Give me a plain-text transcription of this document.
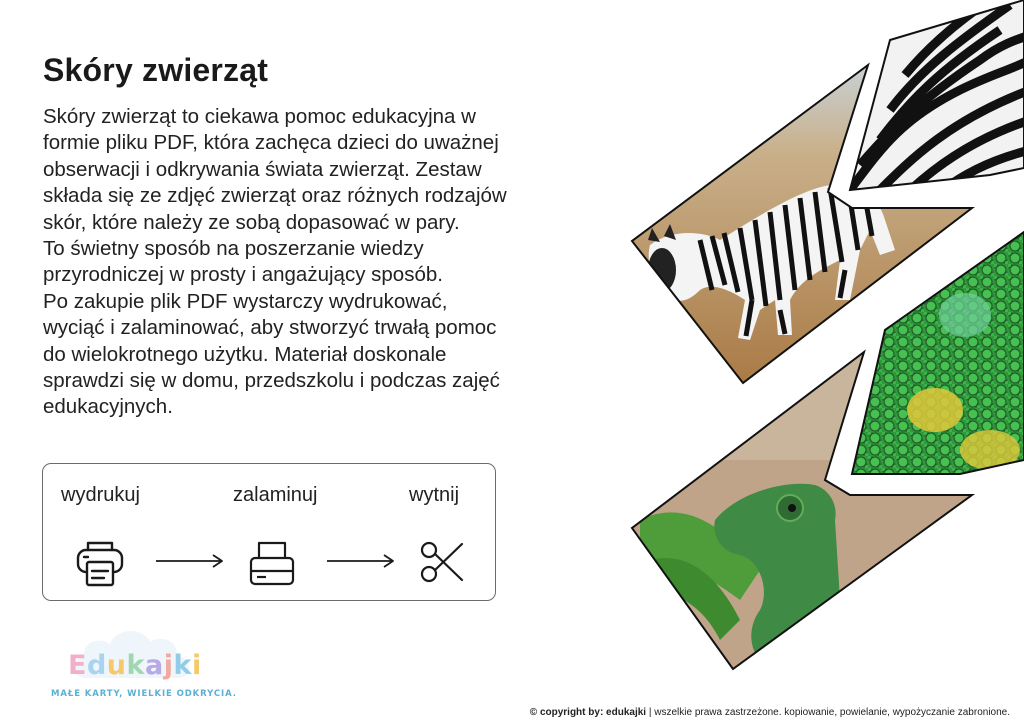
Skóry zwierząt
Skóry zwierząt to ciekawa pomoc edukacyjna w
formie pliku PDF, która zachęca dzieci do uważnej
obserwacji i odkrywania świata zwierząt. Zestaw
składa się ze zdjęć zwierząt oraz różnych rodzajów
skór, które należy ze sobą dopasować w pary.
To świetny sposób na poszerzanie wiedzy
przyrodniczej w prosty i angażujący sposób.
Po zakupie plik PDF wystarczy wydrukować,
wyciąć i zalaminować, aby stworzyć trwałą pomoc
do wielokrotnego użytku. Materiał doskonale
sprawdzi się w domu, przedszkolu i podczas zajęć
edukacyjnych.
wydrukuj	zalaminuj	wytnij
Edukajki
MAŁE KARTY, WIELKIE ODKRYCIA.
© copyright by: edukajki | wszelkie prawa zastrzeżone. kopiowanie, powielanie, wypożyczanie zabronione.
